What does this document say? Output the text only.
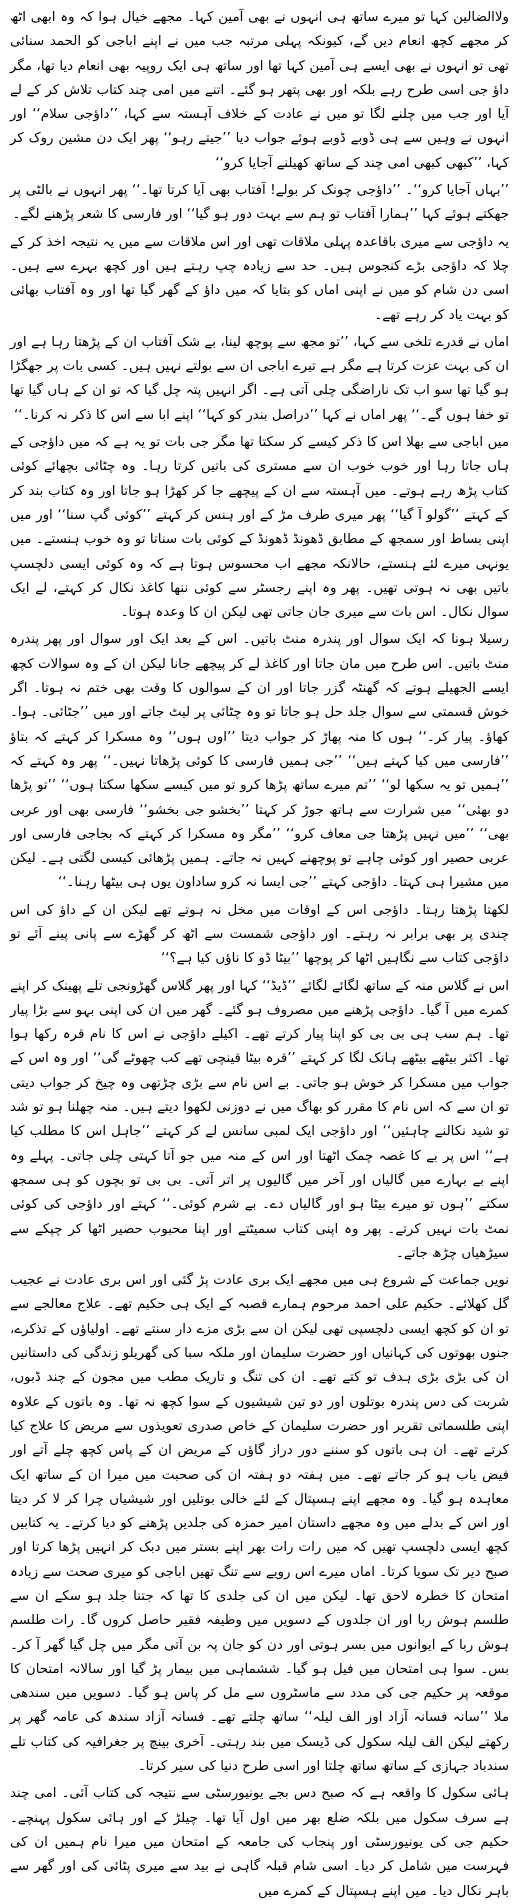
ولاالضالین کہا تو میرے ساتھ ہی انہوں نے بھی آمین کہا۔ مجھے خیال ہوا کہ وہ ابھی اٹھ کر مجھے کچھ انعام دیں گے، کیونکہ پہلی مرتبہ جب میں نے اپنے اباجی کو الحمد سنائی تھی تو انہوں نے بھی ایسے ہی آمین کہا تھا اور ساتھ ہی ایک روپیہ بھی انعام دیا تھا، مگر داؤ جی اسی طرح رہے بلکہ اور بھی پتھر ہو گئے۔ اتنے میں امی چند کتاب تلاش کر کے لے آیا اور جب میں چلنے لگا تو میں نے عادت کے خلاف آہستہ سے کہا، ’’داؤجی سلام‘‘ اور انہوں نے وہیں سے ہی ڈوبے ڈوبے ہوئے جواب دیا ’’جیتے رہو‘‘ پھر ایک دن مشین روک کر کہا، ’’کبھی کبھی امی چند کے ساتھ کھیلنے آجایا کرو‘‘

’’بہاں آجایا کرو‘‘۔ ’’داؤجی چونک کر بولے! آفتاب بھی آیا کرتا تھا۔‘‘ پھر انہوں نے بالٹی پر جھکتے ہوئے کہا ’’ہمارا آفتاب تو ہم سے بہت دور ہو گیا‘‘ اور فارسی کا شعر پڑھنے لگے۔

یہ داؤجی سے میری باقاعدہ پہلی ملاقات تھی اور اس ملاقات سے میں یہ نتیجہ اخذ کر کے چلا کہ داؤجی بڑے کنجوس ہیں۔ حد سے زیادہ چپ رہتے ہیں اور کچھ بہرے سے ہیں۔ اسی دن شام کو میں نے اپنی اماں کو بتایا کہ میں داؤ کے گھر گیا تھا اور وہ آفتاب بھائی کو بہت یاد کر رہے تھے۔

اماں نے قدرے تلخی سے کہا، ’’تو مجھ سے پوچھ لینا، بے شک آفتاب ان کے پڑھتا رہا ہے اور ان کی بہت عزت کرتا ہے مگر ہے تیرے اباجی ان سے بولتے نہیں ہیں۔ کسی بات پر جھگڑا ہو گیا تھا سو اب تک ناراضگی چلی آتی ہے۔ اگر انہیں پتہ چل گیا کہ تو ان کے ہاں گیا تھا تو خفا ہوں گے۔‘‘ پھر اماں نے کہا ’’دراصل بندر کو کہا‘‘ اپنے ابا سے اس کا ذکر نہ کرنا۔‘‘

میں اباجی سے بھلا اس کا ذکر کیسے کر سکتا تھا مگر جی بات تو یہ ہے کہ میں داؤجی کے ہاں جاتا رہا اور خوب خوب ان سے مستری کی باتیں کرتا رہا۔ وہ چٹائی بچھائے کوئی کتاب پڑھ رہے ہوتے۔ میں آہستہ سے ان کے پیچھے جا کر کھڑا ہو جاتا اور وہ کتاب بند کر کے کہتے ’’گولو آ گیا‘‘ پھر میری طرف مڑ کے اور ہنس کر کہتے ’’کوئی گپ سنا‘‘ اور میں اپنی بساط اور سمجھ کے مطابق ڈھونڈ ڈھونڈ کے کوئی بات سناتا تو وہ خوب ہنستے۔ میں یونہی میرے لئے ہنستے، حالانکہ مجھے اب محسوس ہوتا ہے کہ وہ کوئی ایسی دلچسپ باتیں بھی نہ ہوتی تھیں۔ پھر وہ اپنے رجسٹر سے کوئی ننھا کاغذ نکال کر کہتے، لے ایک سوال نکال۔ اس بات سے میری جان جاتی تھی لیکن ان کا وعدہ ہوتا۔

رسیلا ہونا کہ ایک سوال اور پندرہ منٹ باتیں۔ اس کے بعد ایک اور سوال اور پھر پندرہ منٹ باتیں۔ اس طرح میں مان جاتا اور کاغذ لے کر پیچھے جانا لیکن ان کے وہ سوالات کچھ ایسے الجھیلے ہوتے کہ گھنٹہ گزر جاتا اور ان کے سوالوں کا وقت بھی ختم نہ ہوتا۔ اگر خوش قسمتی سے سوال جلد حل ہو جاتا تو وہ چٹائی پر لیٹ جاتے اور میں ’’جٹائی۔ ہوا۔ کھاؤ۔ پیار کر۔‘‘ ہوں کا منہ پھاڑ کر جواب دیتا ’’اوں ہوں‘‘ وہ مسکرا کر کہتے کہ بتاؤ ’’فارسی میں کیا کہتے ہیں‘‘ ’’جی ہمیں فارسی کا کوئی پڑھاتا نہیں۔‘‘ پھر وہ کہتے کہ ’’ہمیں تو یہ سکھا لو‘‘ ’’تم میرے ساتھ پڑھا کرو تو میں کیسے سکھا سکتا ہوں‘‘ ’’تو پڑھا دو بھئی‘‘ میں شرارت سے ہاتھ جوڑ کر کہتا ’’بخشو جی بخشو‘‘ فارسی بھی اور عربی بھی‘‘ ’’میں نہیں پڑھتا جی معاف کرو‘‘ ’’مگر وہ مسکرا کر کہتے کہ بجاجی فارسی اور عربی حصیر اور کوئی چاہے تو پوچھنے کہیں نہ جاتے۔ ہمیں پڑھائی کیسی لگتی ہے۔ لیکن میں مشیرا ہی کہتا۔ داؤجی کہتے ’’جی ایسا نہ کرو ساداون یوں ہی بیٹھا رہنا۔‘‘

لکھتا پڑھتا رہتا۔ داؤجی اس کے اوقات میں مخل نہ ہوتے تھے لیکن ان کے داؤ کی اس چندی پر بھی برابر نہ رہتے۔ اور داؤجی شمست سے اٹھ کر گھڑے سے پانی پینے آئے تو داؤجی کتاب سے نگاہیں اٹھا کر پوچھا ’’بیٹا ڈو کا ناؤں کیا ہے؟‘‘

اس نے گلاس منہ کے ساتھ لگائے لگائے ’’ڈیڈ‘‘ کہا اور پھر گلاس گھڑونجی تلے پھینک کر اپنے کمرے میں آ گیا۔ داؤجی پڑھنے میں مصروف ہو گئے۔ گھر میں ان کی اپنی بہو سے بڑا پیار تھا۔ ہم سب ہی بی بی کو اپنا پیار کرتے تھے۔ اکیلے داؤجی نے اس کا نام قرہ رکھا ہوا تھا۔ اکثر بیٹھے بیٹھے ہانک لگا کر کہتے ’’قرہ بیٹا قینچی تھے کب چھوٹے گی‘‘ اور وہ اس کے جواب میں مسکرا کر خوش ہو جاتی۔ بے اس نام سے بڑی چڑتھی وہ چیخ کر جواب دیتی تو ان سے کہ اس نام کا مقرر کو بھاگ میں نے دوزنی لکھوا دیتے ہیں۔ منہ چھلنا ہو تو شد تو شید نکالنے چاہئیں‘‘ اور داؤجی ایک لمبی سانس لے کر کہتے ’’جاہل اس کا مطلب کیا ہے‘‘ اس پر بے کا غصہ چمک اٹھتا اور اس کے منہ میں جو آتا کہتی چلی جاتی۔ پہلے وہ اپنے بے بہارے میں گالیاں اور آخر میں گالیوں پر اتر آتی۔ بی بی تو بچوں کو ہی سمجھ سکتے ’’ہوں تو میرے بیٹا ہو اور گالیاں دے۔ بے شرم کوئی۔‘‘ کہتے اور داؤجی کی کوئی نمٹ بات نہیں کرتے۔ پھر وہ اپنی کتاب سمیٹتے اور اپنا محبوب حصیر اٹھا کر چپکے سے سیڑھیاں چڑھ جاتے۔

نویں جماعت کے شروع ہی میں مجھے ایک بری عادت پڑ گئی اور اس بری عادت نے عجیب گل کھلائے۔ حکیم علی احمد مرحوم ہمارے قصبہ کے ایک ہی حکیم تھے۔ علاج معالجے سے تو ان کو کچھ ایسی دلچسپی تھی لیکن ان سے بڑی مزے دار سنتے تھے۔ اولیاؤں کے تذکرے، جنوں بھوتوں کی کہانیاں اور حضرت سلیمان اور ملکہ سبا کی گھریلو زندگی کی داستانیں ان کی بڑی بڑی ہدف تو کتے تھے۔ ان کی تنگ و تاریک مطب میں مجون کے چند ڈبوں، شربت کی دس پندرہ بوتلوں اور دو تین شیشیوں کے سوا کچھ نہ تھا۔ وہ باتوں کے علاوہ اپنی طلسماتی تقریر اور حضرت سلیمان کے خاص صدری تعویذوں سے مریض کا علاج کیا کرتے تھے۔ ان ہی باتوں کو سننے دور دراز گاؤں کے مریض ان کے پاس کچھ چلے آتے اور فیض یاب ہو کر جاتے تھے۔ میں ہفتہ دو ہفتہ ان کی صحبت میں میرا ان کے ساتھ ایک معاہدہ ہو گیا۔ وہ مجھے اپنے ہسپتال کے لئے خالی بوتلیں اور شیشیاں چرا کر لا کر دیتا اور اس کے بدلے میں وہ مجھے داستان امیر حمزہ کی جلدیں پڑھنے کو دیا کرتے۔ یہ کتابیں کچھ ایسی دلچسپ تھیں کہ میں رات رات بھر اپنے بستر میں دبک کر انہیں پڑھا کرتا اور صبح دیر تک سویا کرتا۔ اماں میرے اس رویے سے تنگ تھیں اباجی کو میری صحت سے زیادہ امتحان کا خطرہ لاحق تھا۔ لیکن میں ان کی جلدی کا تھا کہ جتنا جلد ہو سکے ان سے طلسم ہوش ربا اور ان جلدوں کے دسویں میں وظیفہ فقیر حاصل کروں گا۔ رات طلسم ہوش ربا کے ایوانوں میں بسر ہوتی اور دن کو جان پہ بن آتی مگر میں چل گیا گھر آ کر۔ بس۔ سوا ہی امتحان میں فیل ہو گیا۔ ششماہی میں بیمار پڑ گیا اور سالانہ امتحان کا موقعہ پر حکیم جی کی مدد سے ماسٹروں سے مل کر پاس ہو گیا۔ دسویں میں سندھی ملا ’’سانہ فسانہ آزاد اور الف لیلہ‘‘ ساتھ چلتے تھے۔ فسانہ آزاد سندھ کی عامہ گھر پر رکھتے لیکن الف لیلہ سکول کی ڈیسک میں بند رہتی۔ آخری بینچ پر جغرافیہ کی کتاب تلے سندباد جہازی کے ساتھ ساتھ چلتا اور اسی طرح دنیا کی سیر کرتا۔

ہائی سکول کا واقعہ ہے کہ صبح دس بجے یونیورسٹی سے نتیجہ کی کتاب آئی۔ امی چند ہے سرف سکول میں بلکہ ضلع بھر میں اول آیا تھا۔ چیلڑ کے اور ہائی سکول پہنچے۔ حکیم جی کی یونیورسٹی اور پنجاب کی جامعہ کے امتحان میں میرا نام ہمیں ان کی فہرست میں شامل کر دیا۔ اسی شام قبلہ گاہی نے بید سے میری پٹائی کی اور گھر سے باہر نکال دیا۔ میں اپنے ہسپتال کے کمرے میں
